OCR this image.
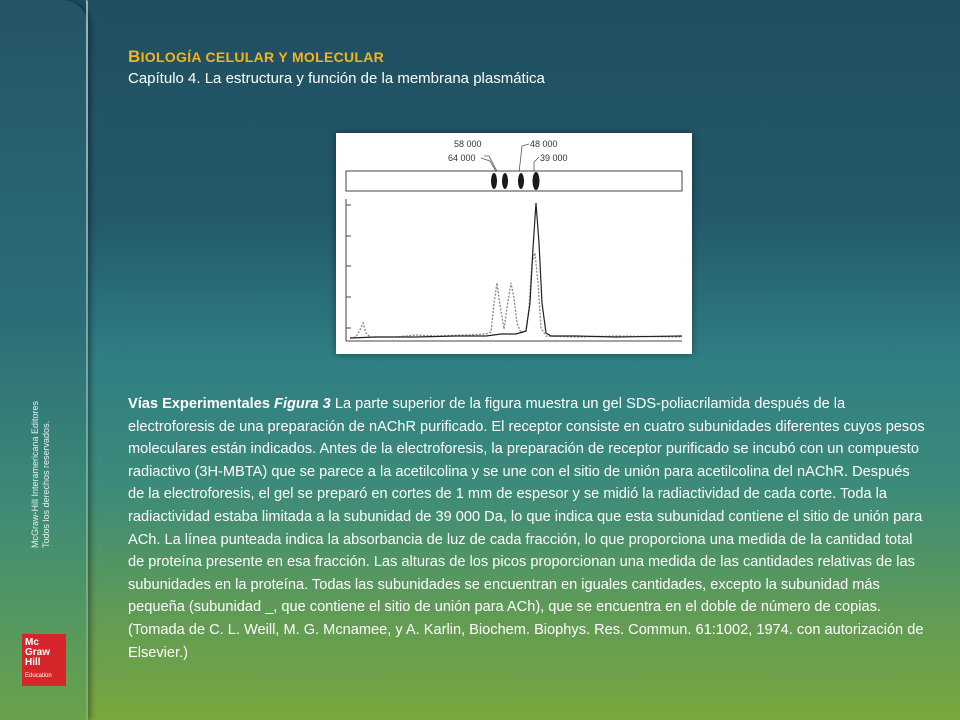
McGraw-Hill Interamericana Editores Todos los derechos reservados.
Mc
Graw
Hill
Education
BIOLOGÍA CELULAR Y MOLECULAR
Capítulo 4. La estructura y función de la membrana plasmática
58 000
64 000
48 000
39 000
Vías Experimentales Figura 3 La parte superior de la figura muestra un gel SDS-poliacrilamida después de la electroforesis de una preparación de nAChR purificado. El receptor consiste en cuatro subunidades diferentes cuyos pesos moleculares están indicados. Antes de la electroforesis, la preparación de receptor purificado se incubó con un compuesto radiactivo (3H-MBTA) que se parece a la acetilcolina y se une con el sitio de unión para acetilcolina del nAChR. Después de la electroforesis, el gel se preparó en cortes de 1 mm de espesor y se midió la radiactividad de cada corte. Toda la radiactividad estaba limitada a la subunidad de 39 000 Da, lo que indica que esta subunidad contiene el sitio de unión para ACh. La línea punteada indica la absorbancia de luz de cada fracción, lo que proporciona una medida de la cantidad total de proteína presente en esa fracción. Las alturas de los picos proporcionan una medida de las cantidades relativas de las subunidades en la proteína. Todas las subunidades se encuentran en iguales cantidades, excepto la subunidad más pequeña (subunidad _, que contiene el sitio de unión para ACh), que se encuentra en el doble de número de copias. (Tomada de C. L. Weill, M. G. Mcnamee, y A. Karlin, Biochem. Biophys. Res. Commun. 61:1002, 1974. con autorización de Elsevier.)
